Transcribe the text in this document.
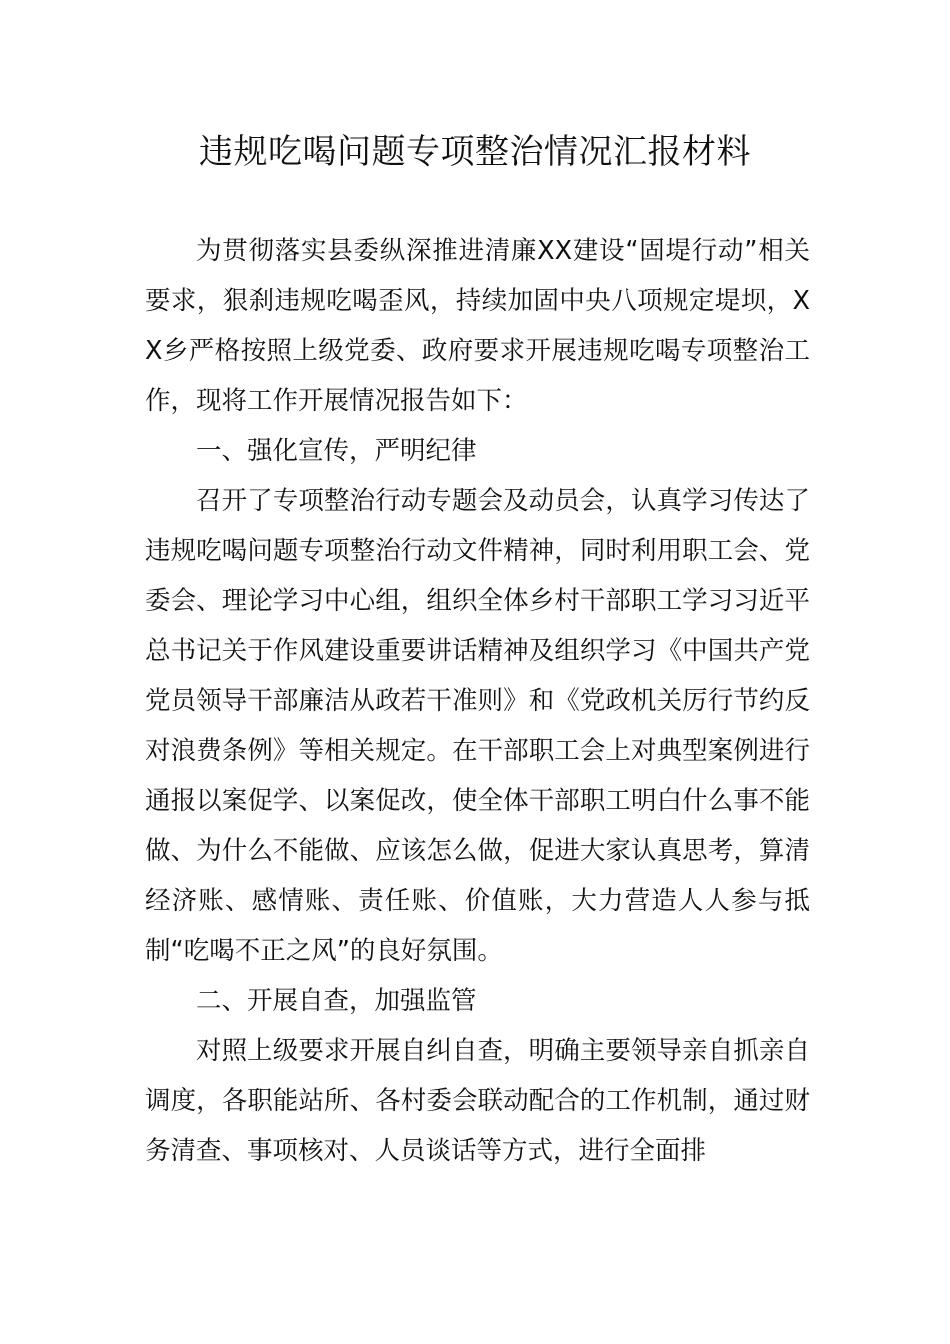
违规吃喝问题专项整治情况汇报材料

为贯彻落实县委纵深推进清廉XX建设“固堤行动”相关要求，狠刹违规吃喝歪风，持续加固中央八项规定堤坝，XX乡严格按照上级党委、政府要求开展违规吃喝专项整治工作，现将工作开展情况报告如下：

一、强化宣传，严明纪律

召开了专项整治行动专题会及动员会，认真学习传达了违规吃喝问题专项整治行动文件精神，同时利用职工会、党委会、理论学习中心组，组织全体乡村干部职工学习习近平总书记关于作风建设重要讲话精神及组织学习《中国共产党党员领导干部廉洁从政若干准则》和《党政机关厉行节约反对浪费条例》等相关规定。在干部职工会上对典型案例进行通报以案促学、以案促改，使全体干部职工明白什么事不能做、为什么不能做、应该怎么做，促进大家认真思考，算清经济账、感情账、责任账、价值账，大力营造人人参与抵制“吃喝不正之风”的良好氛围。

二、开展自查，加强监管

对照上级要求开展自纠自查，明确主要领导亲自抓亲自调度，各职能站所、各村委会联动配合的工作机制，通过财务清查、事项核对、人员谈话等方式，进行全面排
